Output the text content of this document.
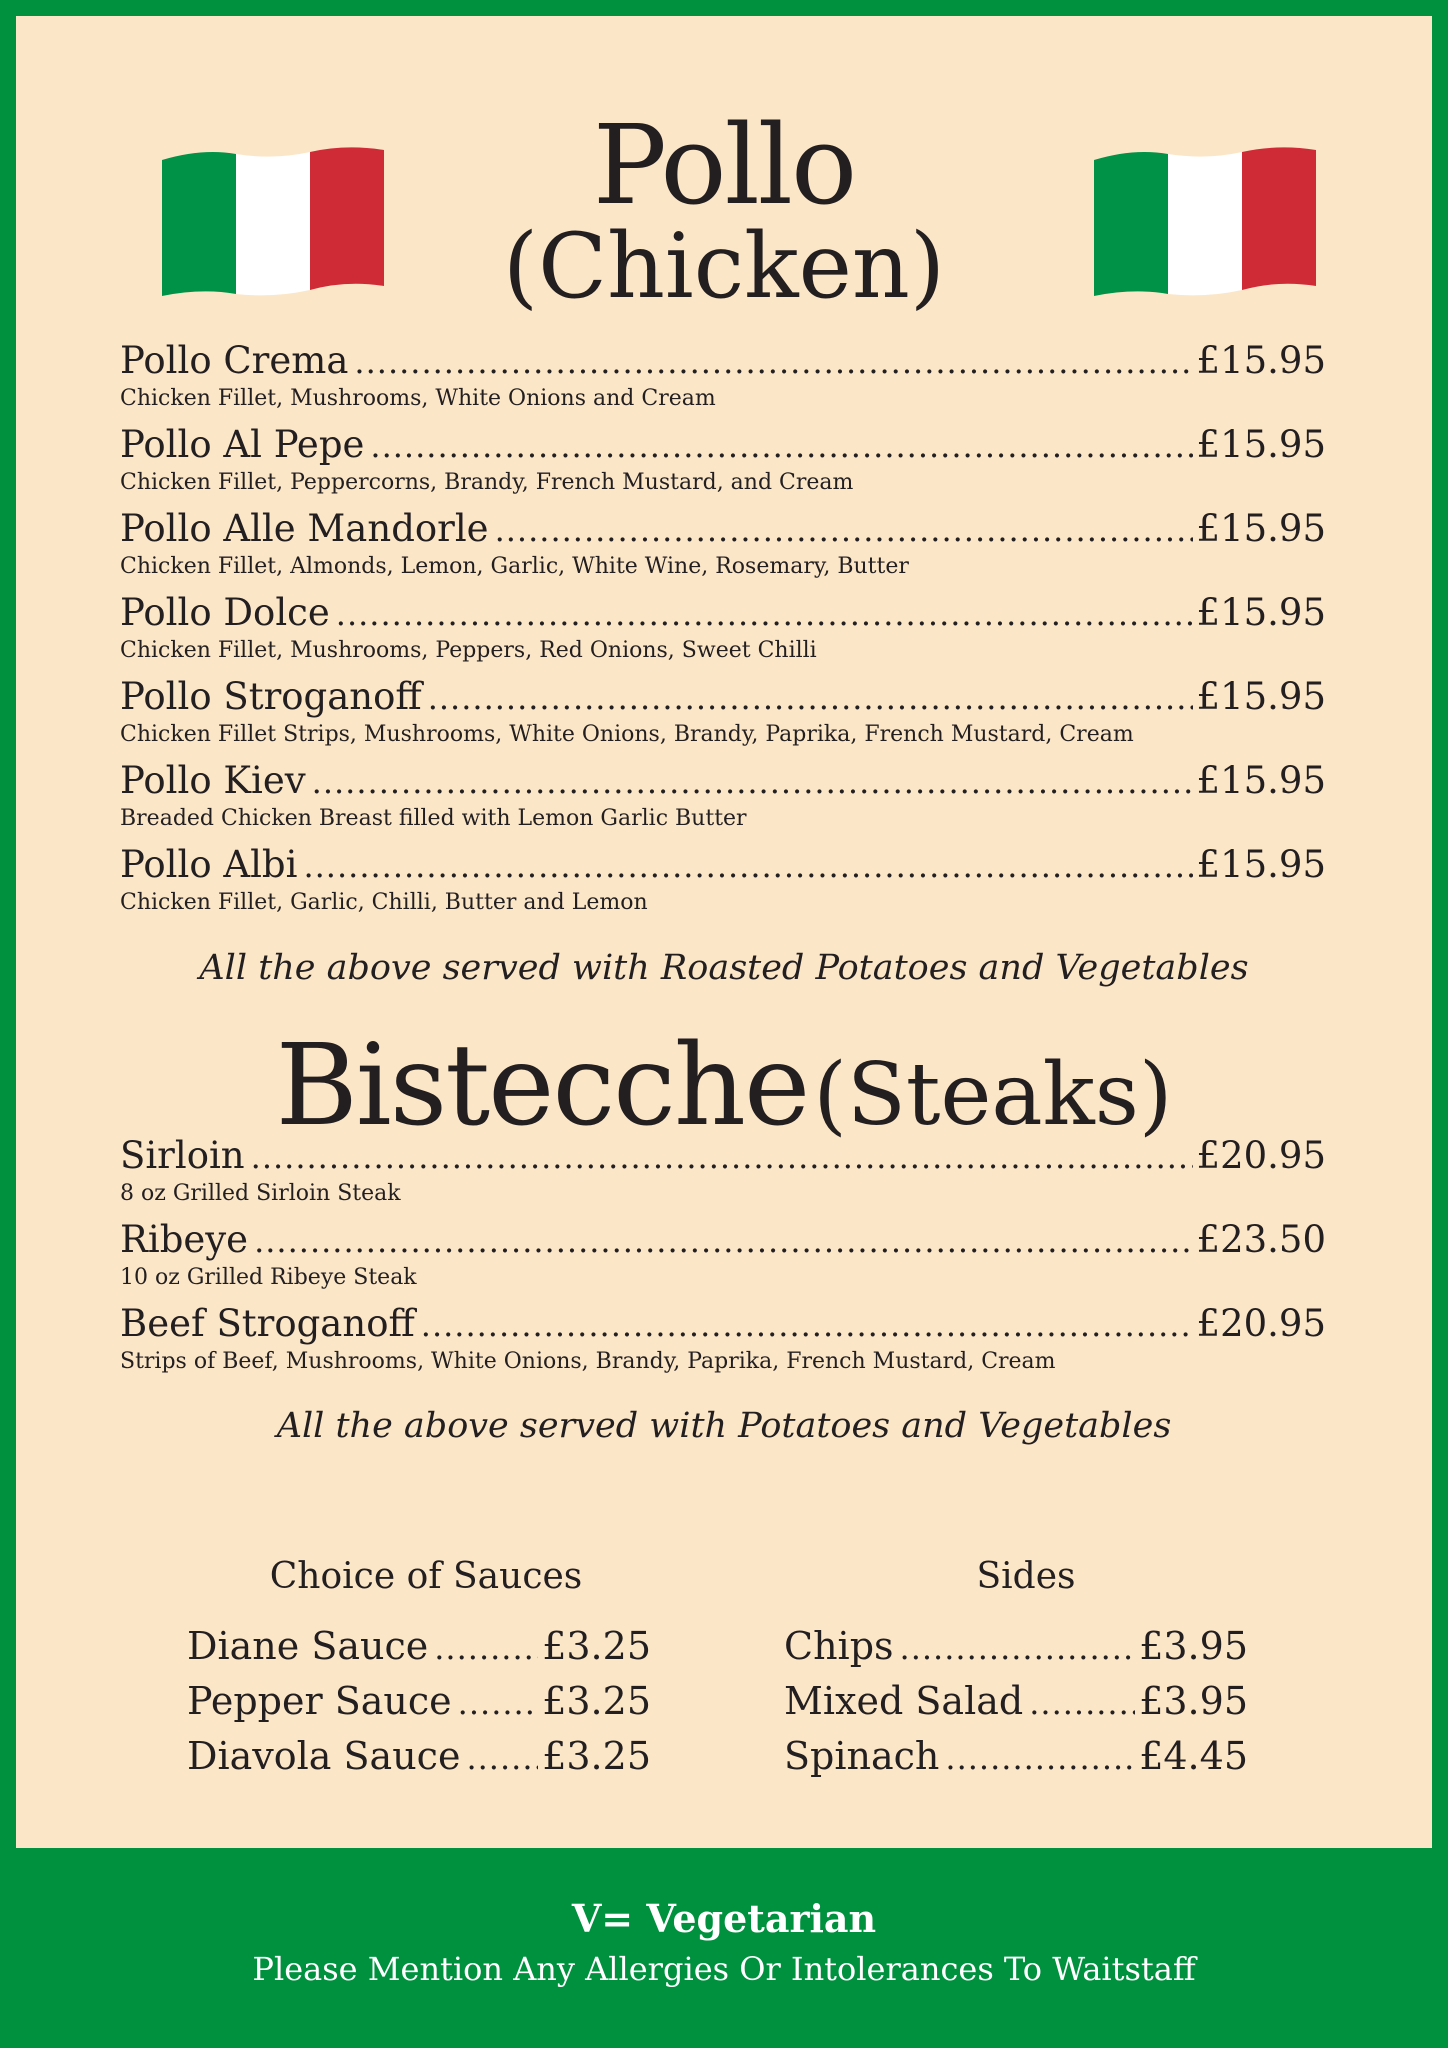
Pollo
(Chicken)
Pollo Crema .....	£15.95
Chicken Fillet, Mushrooms, White Onions and Cream
Pollo Al Pepe .....	£15.95
Chicken Fillet, Peppercorns, Brandy, French Mustard, and Cream
Pollo Alle Mandorle .....	£15.95
Chicken Fillet, Almonds, Lemon, Garlic, White Wine, Rosemary, Butter
Pollo Dolce .....	£15.95
Chicken Fillet, Mushrooms, Peppers, Red Onions, Sweet Chilli
Pollo Stroganoff .....	£15.95
Chicken Fillet Strips, Mushrooms, White Onions, Brandy, Paprika, French Mustard, Cream
Pollo Kiev .....	£15.95
Breaded Chicken Breast filled with Lemon Garlic Butter
Pollo Albi .....	£15.95
Chicken Fillet, Garlic, Chilli, Butter and Lemon
All the above served with Roasted Potatoes and Vegetables
Bistecche (Steaks)
Sirloin .....	£20.95
8 oz Grilled Sirloin Steak
Ribeye .....	£23.50
10 oz Grilled Ribeye Steak
Beef Stroganoff .....	£20.95
Strips of Beef, Mushrooms, White Onions, Brandy, Paprika, French Mustard, Cream
All the above served with Potatoes and Vegetables
Choice of Sauces
Diane Sauce .....	£3.25
Pepper Sauce ..... £3.25
Diavola Sauce ..... £3.25
Sides
Chips .....	£3.95
Mixed Salad .....	£3.95
Spinach .....	£4.45
V= Vegetarian
Please Mention Any Allergies Or Intolerances To Waitstaff
